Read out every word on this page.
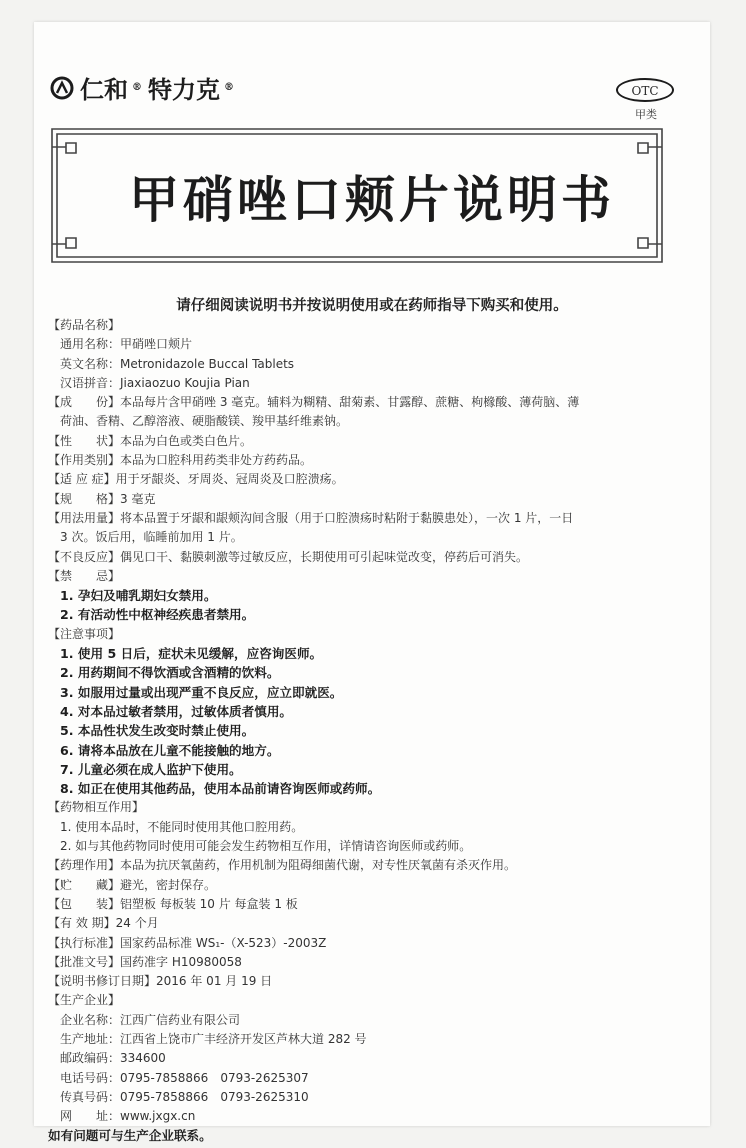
仁和 ® 特力克 ®	OTC
甲类
甲硝唑口颊片说明书
请仔细阅读说明书并按说明使用或在药师指导下购买和使用。
【药品名称】
通用名称：甲硝唑口颊片
英文名称：Metronidazole Buccal Tablets
汉语拼音：Jiaxiaozuo Koujia Pian
【成　　份】本品每片含甲硝唑 3 毫克。辅料为糊精、甜菊素、甘露醇、蔗糖、枸橼酸、薄荷脑、薄
荷油、香精、乙醇溶液、硬脂酸镁、羧甲基纤维素钠。
【性　　状】本品为白色或类白色片。
【作用类别】本品为口腔科用药类非处方药药品。
【适 应 症】用于牙龈炎、牙周炎、冠周炎及口腔溃疡。
【规　　格】3 毫克
【用法用量】将本品置于牙龈和龈颊沟间含服（用于口腔溃疡时粘附于黏膜患处），一次 1 片，一日
3 次。饭后用，临睡前加用 1 片。
【不良反应】偶见口干、黏膜刺激等过敏反应，长期使用可引起味觉改变，停药后可消失。
【禁　　忌】
1. 孕妇及哺乳期妇女禁用。
2. 有活动性中枢神经疾患者禁用。
【注意事项】
1. 使用 5 日后，症状未见缓解，应咨询医师。
2. 用药期间不得饮酒或含酒精的饮料。
3. 如服用过量或出现严重不良反应，应立即就医。
4. 对本品过敏者禁用，过敏体质者慎用。
5. 本品性状发生改变时禁止使用。
6. 请将本品放在儿童不能接触的地方。
7. 儿童必须在成人监护下使用。
8. 如正在使用其他药品，使用本品前请咨询医师或药师。
【药物相互作用】
1. 使用本品时，不能同时使用其他口腔用药。
2. 如与其他药物同时使用可能会发生药物相互作用，详情请咨询医师或药师。
【药理作用】本品为抗厌氧菌药，作用机制为阻碍细菌代谢，对专性厌氧菌有杀灭作用。
【贮　　藏】避光，密封保存。
【包　　装】铝塑板 每板装 10 片 每盒装 1 板
【有 效 期】24 个月
【执行标准】国家药品标准 WS₁-（X-523）-2003Z
【批准文号】国药准字 H10980058
【说明书修订日期】2016 年 01 月 19 日
【生产企业】
企业名称：江西广信药业有限公司
生产地址：江西省上饶市广丰经济开发区芦林大道 282 号
邮政编码：334600
电话号码：0795-7858866　0793-2625307
传真号码：0795-7858866　0793-2625310
网　　址：www.jxgx.cn
如有问题可与生产企业联系。
